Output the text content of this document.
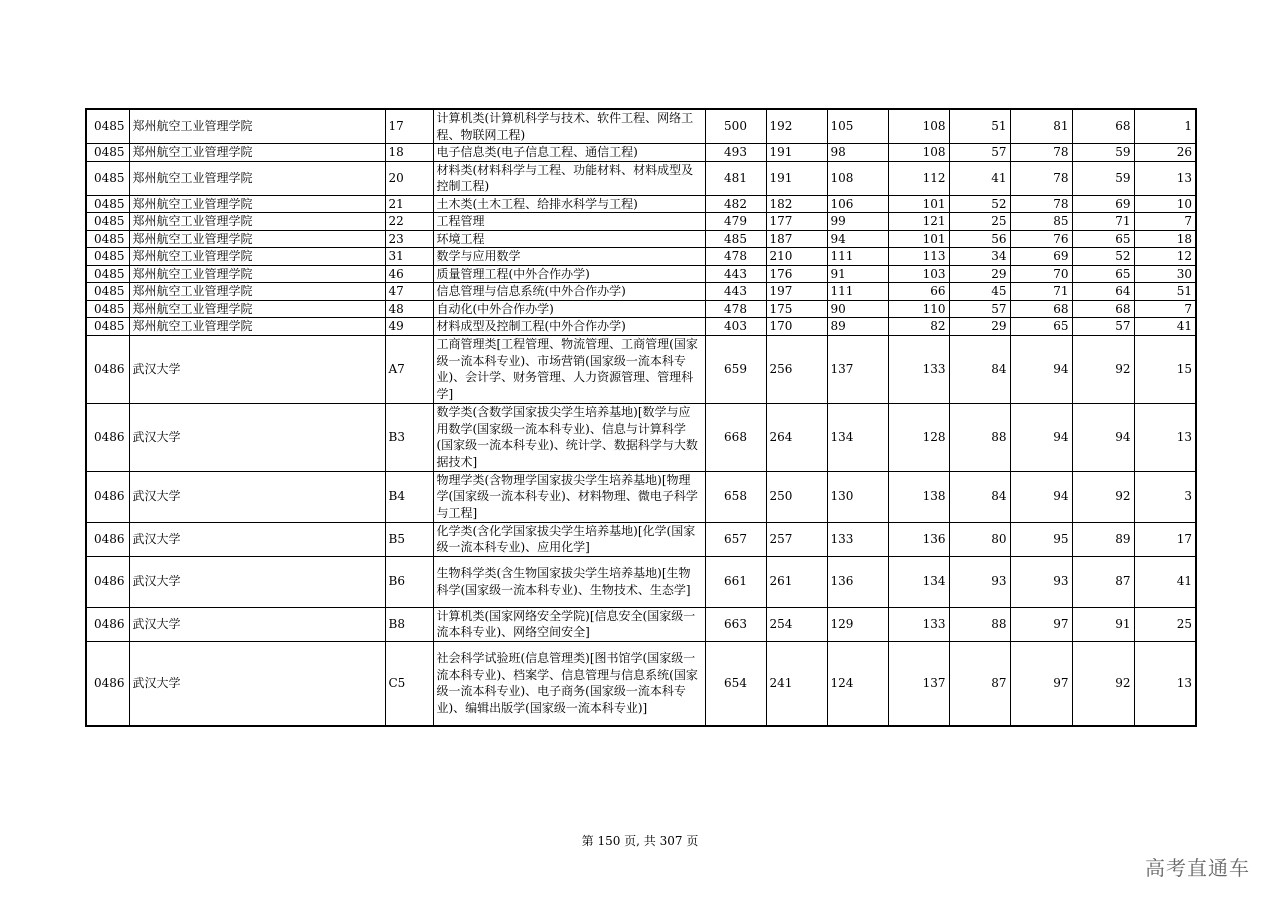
0485	郑州航空工业管理学院	17	计算机类(计算机科学与技术、软件工程、网络工程、物联网工程)	500	192	105	108	51	81	68	1
0485	郑州航空工业管理学院	18	电子信息类(电子信息工程、通信工程)	493	191	98	108	57	78	59	26
0485	郑州航空工业管理学院	20	材料类(材料科学与工程、功能材料、材料成型及控制工程)	481	191	108	112	41	78	59	13
0485	郑州航空工业管理学院	21	土木类(土木工程、给排水科学与工程)	482	182	106	101	52	78	69	10
0485	郑州航空工业管理学院	22	工程管理	479	177	99	121	25	85	71	7
0485	郑州航空工业管理学院	23	环境工程	485	187	94	101	56	76	65	18
0485	郑州航空工业管理学院	31	数学与应用数学	478	210	111	113	34	69	52	12
0485	郑州航空工业管理学院	46	质量管理工程(中外合作办学)	443	176	91	103	29	70	65	30
0485	郑州航空工业管理学院	47	信息管理与信息系统(中外合作办学)	443	197	111	66	45	71	64	51
0485	郑州航空工业管理学院	48	自动化(中外合作办学)	478	175	90	110	57	68	68	7
0485	郑州航空工业管理学院	49	材料成型及控制工程(中外合作办学)	403	170	89	82	29	65	57	41
0486	武汉大学	A7	工商管理类[工程管理、物流管理、工商管理(国家级一流本科专业)、市场营销(国家级一流本科专业)、会计学、财务管理、人力资源管理、管理科学]	659	256	137	133	84	94	92	15
0486	武汉大学	B3	数学类(含数学国家拔尖学生培养基地)[数学与应用数学(国家级一流本科专业)、信息与计算科学(国家级一流本科专业)、统计学、数据科学与大数据技术]	668	264	134	128	88	94	94	13
0486	武汉大学	B4	物理学类(含物理学国家拔尖学生培养基地)[物理学(国家级一流本科专业)、材料物理、微电子科学与工程]	658	250	130	138	84	94	92	3
0486	武汉大学	B5	化学类(含化学国家拔尖学生培养基地)[化学(国家级一流本科专业)、应用化学]	657	257	133	136	80	95	89	17
0486	武汉大学	B6	生物科学类(含生物国家拔尖学生培养基地)[生物科学(国家级一流本科专业)、生物技术、生态学]	661	261	136	134	93	93	87	41
0486	武汉大学	B8	计算机类(国家网络安全学院)[信息安全(国家级一流本科专业)、网络空间安全]	663	254	129	133	88	97	91	25
0486	武汉大学	C5	社会科学试验班(信息管理类)[图书馆学(国家级一流本科专业)、档案学、信息管理与信息系统(国家级一流本科专业)、电子商务(国家级一流本科专业)、编辑出版学(国家级一流本科专业)]	654	241	124	137	87	97	92	13
第 150 页, 共 307 页
高考直通车
